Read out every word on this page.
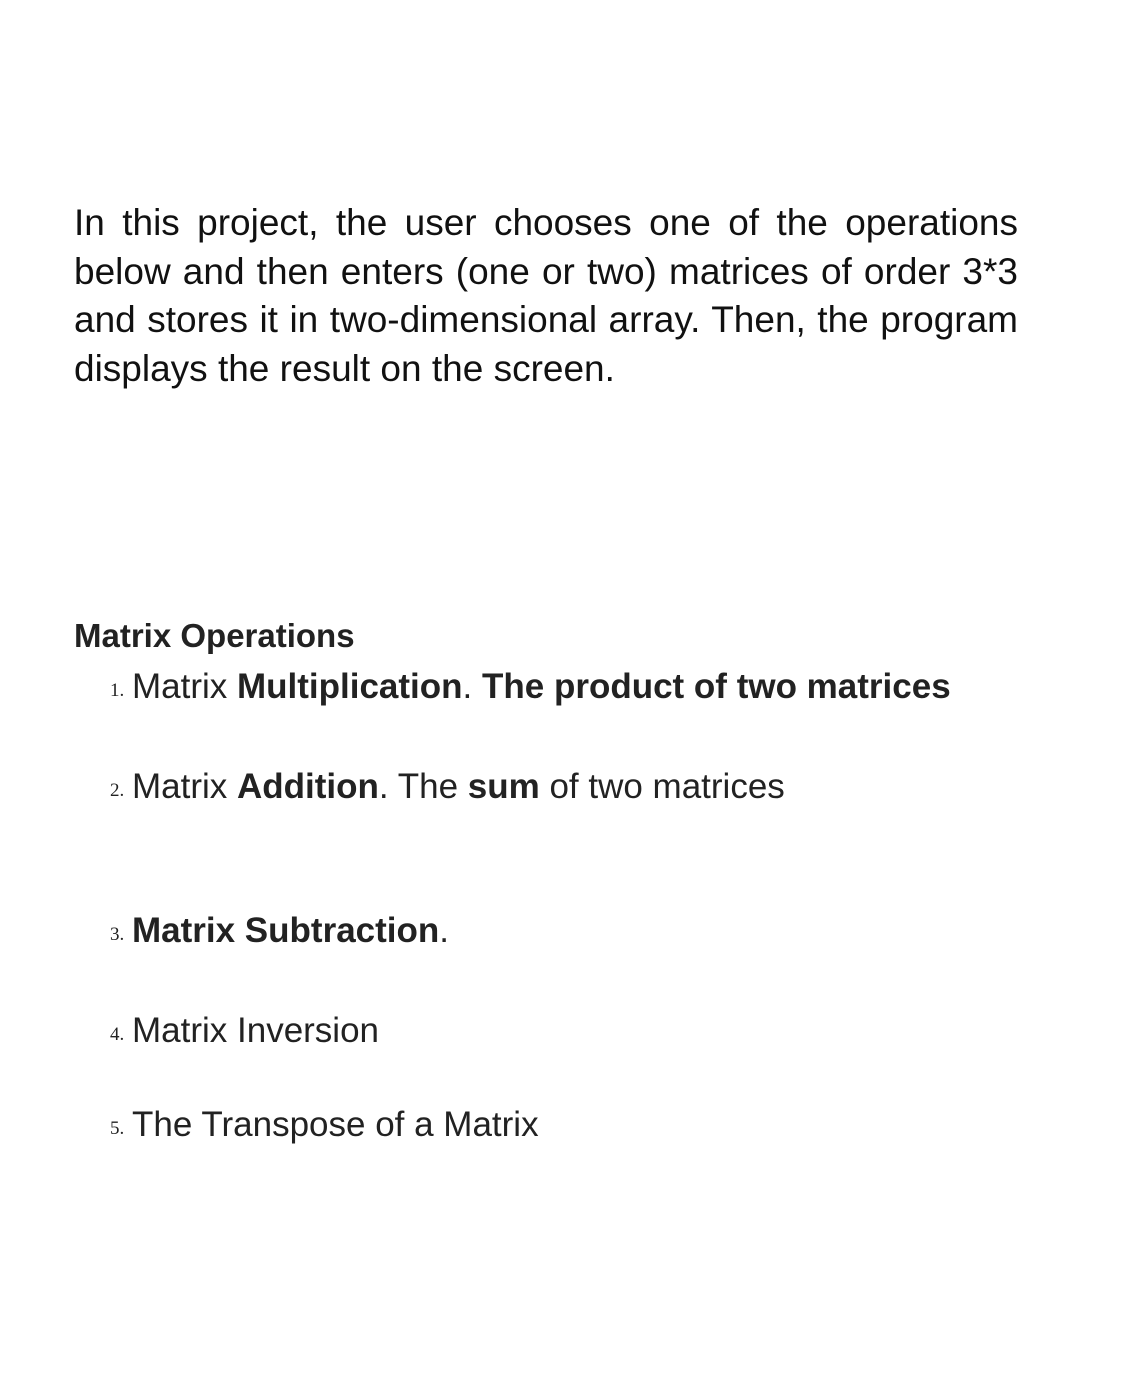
In this project, the user chooses one of the operations below and then enters (one or two) matrices of order 3*3 and stores it in two-dimensional array. Then, the program displays the result on the screen.

Matrix Operations
1. Matrix Multiplication. The product of two matrices
2. Matrix Addition. The sum of two matrices
3. Matrix Subtraction.
4. Matrix Inversion
5. The Transpose of a Matrix
